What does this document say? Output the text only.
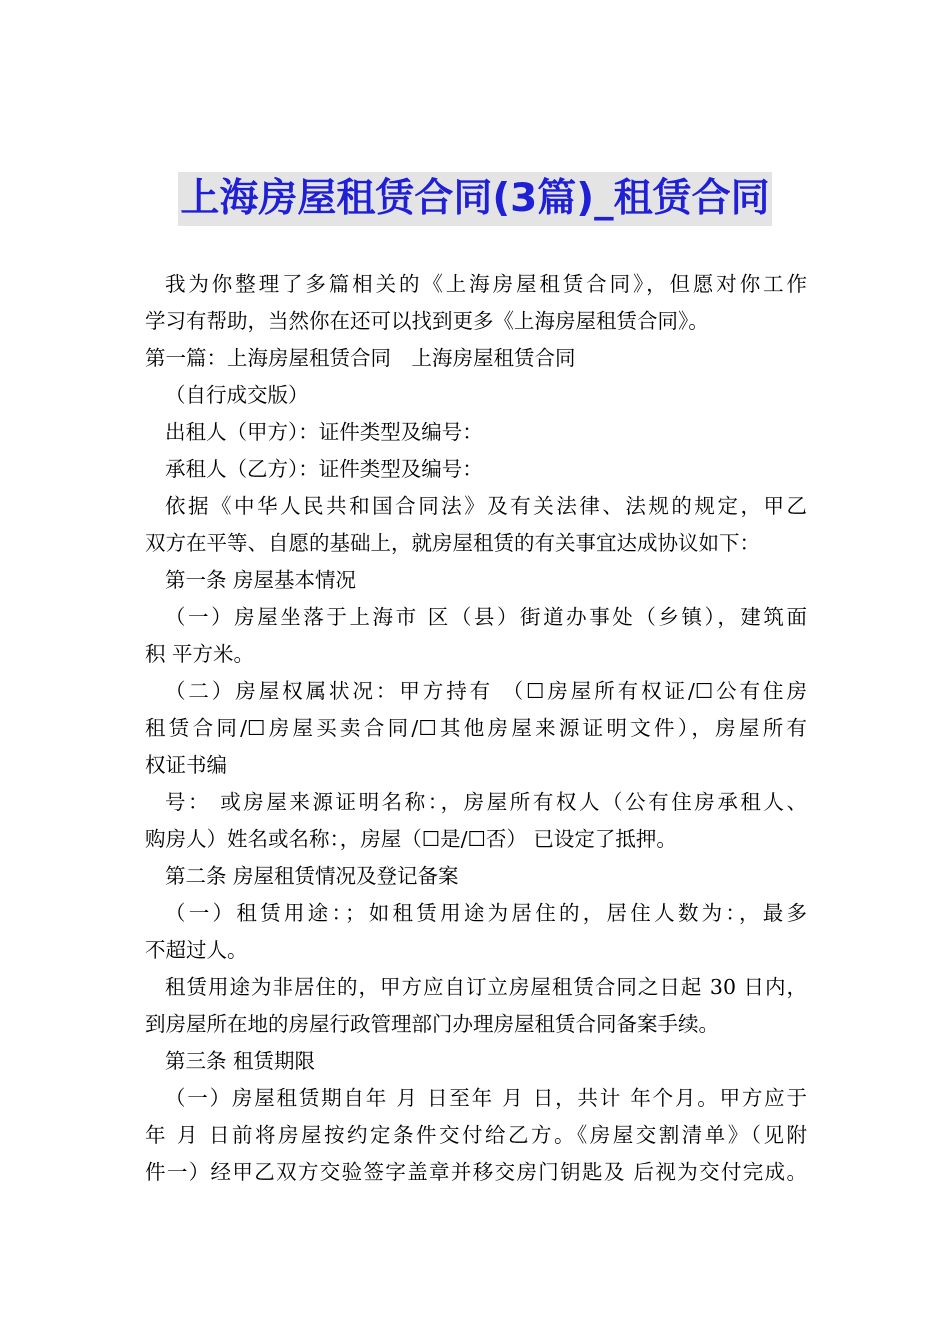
上海房屋租赁合同(3篇)_租赁合同
我为你整理了多篇相关的《上海房屋租赁合同》，但愿对你工作
学习有帮助，当然你在还可以找到更多《上海房屋租赁合同》。
第一篇：上海房屋租赁合同　上海房屋租赁合同
（自行成交版）
出租人（甲方）：证件类型及编号：
承租人（乙方）：证件类型及编号：
依据《中华人民共和国合同法》及有关法律、法规的规定，甲乙
双方在平等、自愿的基础上，就房屋租赁的有关事宜达成协议如下：
第一条 房屋基本情况
（一）房屋坐落于上海市 区（县）街道办事处（乡镇），建筑面
积 平方米。
（二）房屋权属状况：甲方持有 （☐房屋所有权证/☐公有住房
租赁合同/☐房屋买卖合同/☐其他房屋来源证明文件），房屋所有
权证书编
号： 或房屋来源证明名称：，房屋所有权人（公有住房承租人、
购房人）姓名或名称：，房屋（☐是/☐否） 已设定了抵押。
第二条 房屋租赁情况及登记备案
（一）租赁用途：；如租赁用途为居住的，居住人数为：，最多
不超过人。
租赁用途为非居住的，甲方应自订立房屋租赁合同之日起 30 日内，
到房屋所在地的房屋行政管理部门办理房屋租赁合同备案手续。
第三条 租赁期限
（一）房屋租赁期自年 月 日至年 月 日，共计 年个月。甲方应于
年 月 日前将房屋按约定条件交付给乙方。《房屋交割清单》（见附
件一）经甲乙双方交验签字盖章并移交房门钥匙及 后视为交付完成。
